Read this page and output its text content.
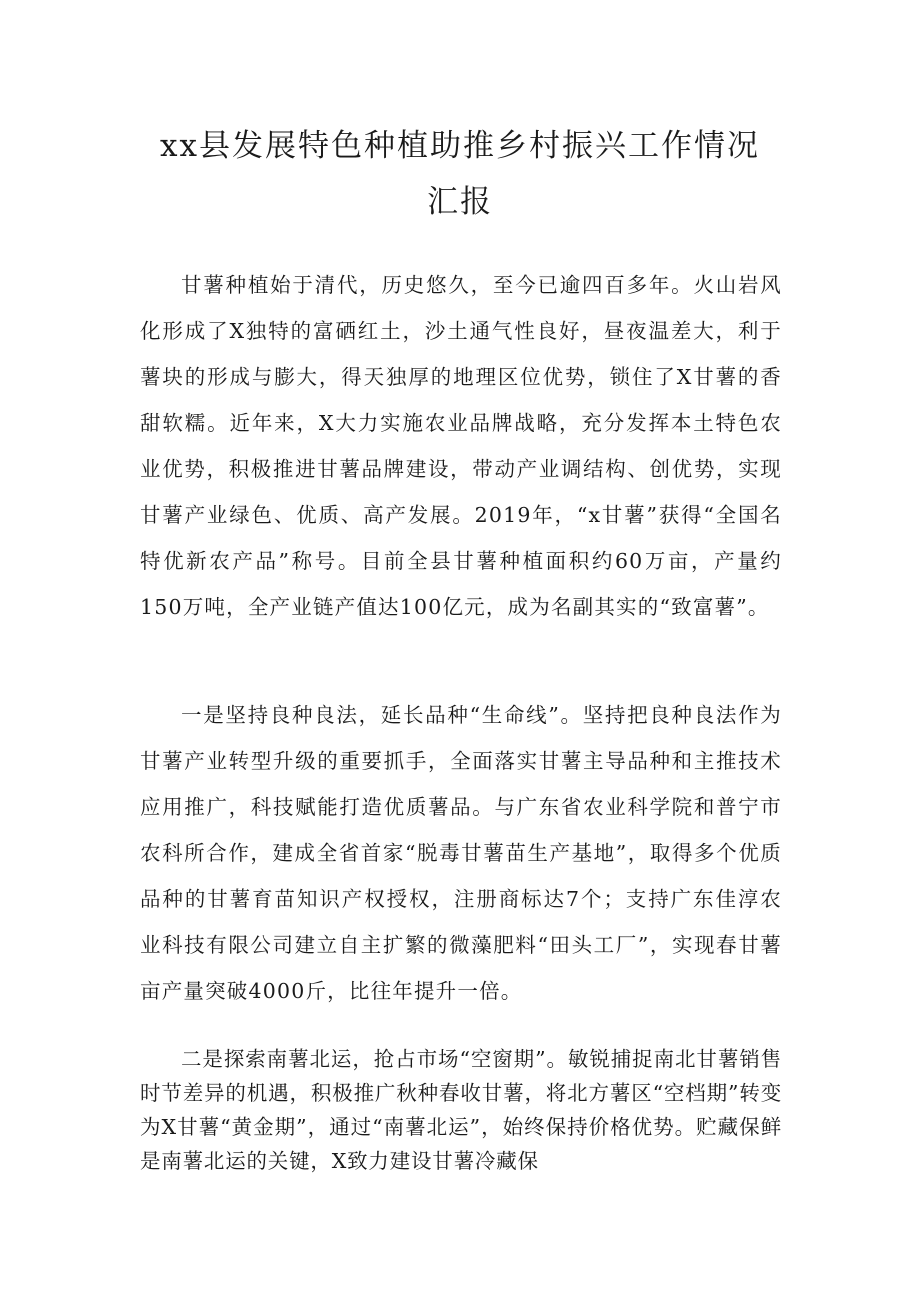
xx县发展特色种植助推乡村振兴工作情况
汇报

甘薯种植始于清代，历史悠久，至今已逾四百多年。火山岩风化形成了X独特的富硒红土，沙土通气性良好，昼夜温差大，利于薯块的形成与膨大，得天独厚的地理区位优势，锁住了X甘薯的香甜软糯。近年来，X大力实施农业品牌战略，充分发挥本土特色农业优势，积极推进甘薯品牌建设，带动产业调结构、创优势，实现甘薯产业绿色、优质、高产发展。2019年，“x甘薯”获得“全国名特优新农产品”称号。目前全县甘薯种植面积约60万亩，产量约150万吨，全产业链产值达100亿元，成为名副其实的“致富薯”。

一是坚持良种良法，延长品种“生命线”。坚持把良种良法作为甘薯产业转型升级的重要抓手，全面落实甘薯主导品种和主推技术应用推广，科技赋能打造优质薯品。与广东省农业科学院和普宁市农科所合作，建成全省首家“脱毒甘薯苗生产基地”，取得多个优质品种的甘薯育苗知识产权授权，注册商标达7个；支持广东佳淳农业科技有限公司建立自主扩繁的微藻肥料“田头工厂”，实现春甘薯亩产量突破4000斤，比往年提升一倍。

二是探索南薯北运，抢占市场“空窗期”。敏锐捕捉南北甘薯销售时节差异的机遇，积极推广秋种春收甘薯，将北方薯区“空档期”转变为X甘薯“黄金期”，通过“南薯北运”，始终保持价格优势。贮藏保鲜是南薯北运的关键，X致力建设甘薯冷藏保
